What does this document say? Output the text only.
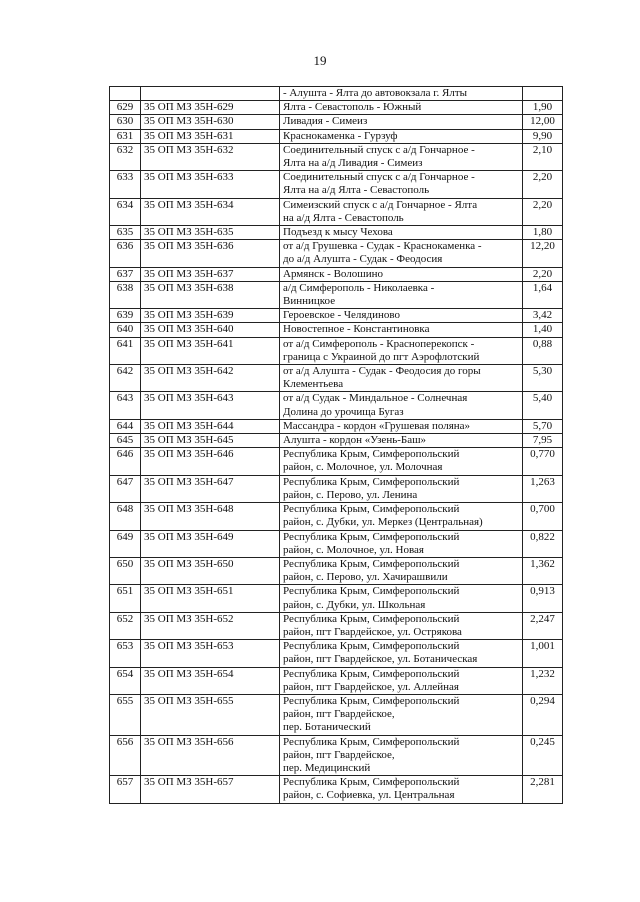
19

		- Алушта - Ялта до автовокзала г. Ялты	

629	35 ОП МЗ 35Н-629	Ялта - Севастополь - Южный	1,90
630	35 ОП МЗ 35Н-630	Ливадия - Симеиз	12,00
631	35 ОП МЗ 35Н-631	Краснокаменка - Гурзуф	9,90
632	35 ОП МЗ 35Н-632	Соединительный спуск с а/д Гончарное -
Ялта на а/д Ливадия - Симеиз	2,10
633	35 ОП МЗ 35Н-633	Соединительный спуск с а/д Гончарное -
Ялта на а/д Ялта - Севастополь	2,20
634	35 ОП МЗ 35Н-634	Симеизский спуск с а/д Гончарное - Ялта
на а/д Ялта - Севастополь	2,20
635	35 ОП МЗ 35Н-635	Подъезд к мысу Чехова	1,80
636	35 ОП МЗ 35Н-636	от а/д Грушевка - Судак - Краснокаменка -
до а/д Алушта - Судак - Феодосия	12,20
637	35 ОП МЗ 35Н-637	Армянск - Волошино	2,20
638	35 ОП МЗ 35Н-638	а/д Симферополь - Николаевка -
Винницкое	1,64
639	35 ОП МЗ 35Н-639	Героевское - Челядиново	3,42
640	35 ОП МЗ 35Н-640	Новостепное - Константиновка	1,40
641	35 ОП МЗ 35Н-641	от а/д Симферополь - Красноперекопск -
граница с Украиной до пгт Аэрофлотский	0,88
642	35 ОП МЗ 35Н-642	от а/д Алушта - Судак - Феодосия до горы
Клементьева	5,30
643	35 ОП МЗ 35Н-643	от а/д Судак - Миндальное - Солнечная
Долина до урочища Бугаз	5,40
644	35 ОП МЗ 35Н-644	Массандра - кордон «Грушевая поляна»	5,70
645	35 ОП МЗ 35Н-645	Алушта - кордон «Узень-Баш»	7,95
646	35 ОП МЗ 35Н-646	Республика Крым, Симферопольский
район, с. Молочное, ул. Молочная	0,770
647	35 ОП МЗ 35Н-647	Республика Крым, Симферопольский
район, с. Перово, ул. Ленина	1,263
648	35 ОП МЗ 35Н-648	Республика Крым, Симферопольский
район, с. Дубки, ул. Меркез (Центральная)	0,700
649	35 ОП МЗ 35Н-649	Республика Крым, Симферопольский
район, с. Молочное, ул. Новая	0,822
650	35 ОП МЗ 35Н-650	Республика Крым, Симферопольский
район, с. Перово, ул. Хачирашвили	1,362
651	35 ОП МЗ 35Н-651	Республика Крым, Симферопольский
район, с. Дубки, ул. Школьная	0,913
652	35 ОП МЗ 35Н-652	Республика Крым, Симферопольский
район, пгт Гвардейское, ул. Острякова	2,247
653	35 ОП МЗ 35Н-653	Республика Крым, Симферопольский
район, пгт Гвардейское, ул. Ботаническая	1,001
654	35 ОП МЗ 35Н-654	Республика Крым, Симферопольский
район, пгт Гвардейское, ул. Аллейная	1,232
655	35 ОП МЗ 35Н-655	Республика Крым, Симферопольский
район, пгт Гвардейское,
пер. Ботанический	0,294
656	35 ОП МЗ 35Н-656	Республика Крым, Симферопольский
район, пгт Гвардейское,
пер. Медицинский	0,245
657	35 ОП МЗ 35Н-657	Республика Крым, Симферопольский
район, с. Софиевка, ул. Центральная	2,281
